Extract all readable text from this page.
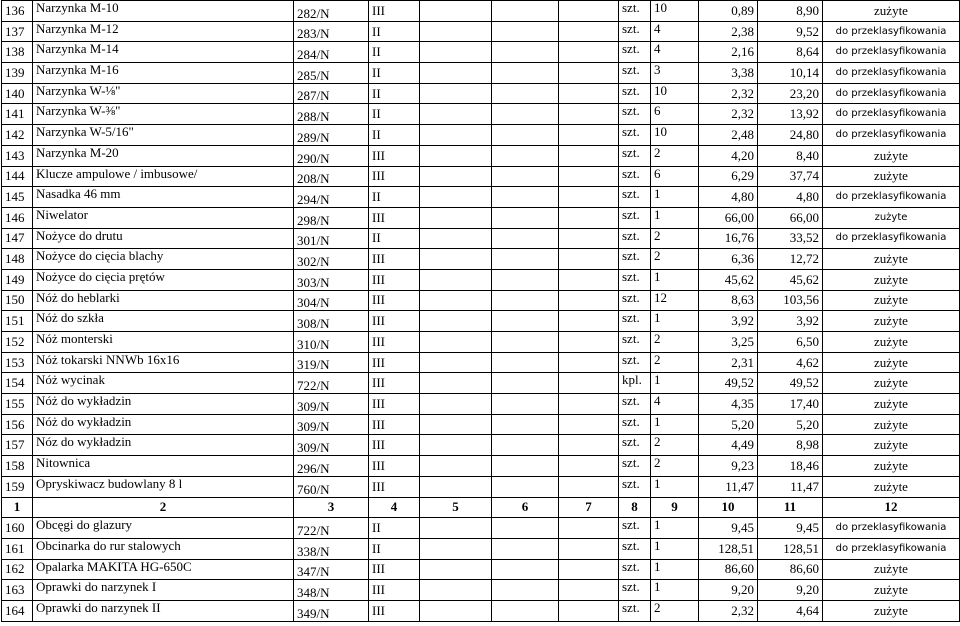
136	Narzynka M-10	282/N	III				szt.	10	0,89	8,90	zużyte
137	Narzynka M-12	283/N	II				szt.	4	2,38	9,52	do przeklasyfikowania
138	Narzynka M-14	284/N	II				szt.	4	2,16	8,64	do przeklasyfikowania
139	Narzynka M-16	285/N	II				szt.	3	3,38	10,14	do przeklasyfikowania
140	Narzynka W-⅛"	287/N	II				szt.	10	2,32	23,20	do przeklasyfikowania
141	Narzynka W-⅜"	288/N	II				szt.	6	2,32	13,92	do przeklasyfikowania
142	Narzynka W-5/16"	289/N	II				szt.	10	2,48	24,80	do przeklasyfikowania
143	Narzynka M-20	290/N	III				szt.	2	4,20	8,40	zużyte
144	Klucze ampulowe / imbusowe/	208/N	III				szt.	6	6,29	37,74	zużyte
145	Nasadka 46 mm	294/N	II				szt.	1	4,80	4,80	do przeklasyfikowania
146	Niwelator	298/N	III				szt.	1	66,00	66,00	zużyte
147	Nożyce do drutu	301/N	II				szt.	2	16,76	33,52	do przeklasyfikowania
148	Nożyce do cięcia blachy	302/N	III				szt.	2	6,36	12,72	zużyte
149	Nożyce do cięcia prętów	303/N	III				szt.	1	45,62	45,62	zużyte
150	Nóż do heblarki	304/N	III				szt.	12	8,63	103,56	zużyte
151	Nóż do szkła	308/N	III				szt.	1	3,92	3,92	zużyte
152	Nóż monterski	310/N	III				szt.	2	3,25	6,50	zużyte
153	Nóż tokarski NNWb 16x16	319/N	III				szt.	2	2,31	4,62	zużyte
154	Nóż wycinak	722/N	III				kpl.	1	49,52	49,52	zużyte
155	Nóż do wykładzin	309/N	III				szt.	4	4,35	17,40	zużyte
156	Nóż do wykładzin	309/N	III				szt.	1	5,20	5,20	zużyte
157	Nóz do wykładzin	309/N	III				szt.	2	4,49	8,98	zużyte
158	Nitownica	296/N	III				szt.	2	9,23	18,46	zużyte
159	Opryskiwacz budowlany 8 l	760/N	III				szt.	1	11,47	11,47	zużyte
1	2	3	4	5	6	7	8	9	10	11	12
160	Obcęgi do glazury	722/N	II				szt.	1	9,45	9,45	do przeklasyfikowania
161	Obcinarka do rur stalowych	338/N	II				szt.	1	128,51	128,51	do przeklasyfikowania
162	Opalarka MAKITA HG-650C	347/N	III				szt.	1	86,60	86,60	zużyte
163	Oprawki do narzynek I	348/N	III				szt.	1	9,20	9,20	zużyte
164	Oprawki do narzynek II	349/N	III				szt.	2	2,32	4,64	zużyte
